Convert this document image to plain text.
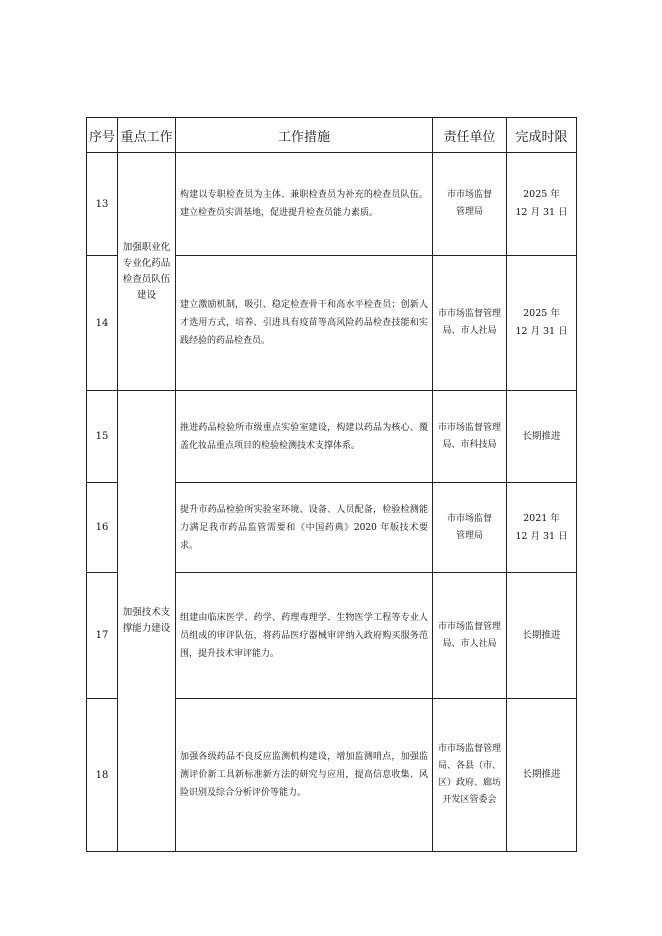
序号	重点工作	工作措施	责任单位	完成时限
13	加强职业化专业化药品检查员队伍建设	构建以专职检查员为主体、兼职检查员为补充的检查员队伍。建立检查员实训基地，促进提升检查员能力素质。	市市场监督
管理局	2025 年
12 月 31 日

14		建立激励机制，吸引、稳定检查骨干和高水平检查员；创新人才选用方式，培养、引进具有疫苗等高风险药品检查技能和实践经验的药品检查员。	市市场监督管理
局、市人社局	2025 年
12 月 31 日

15	加强技术支撑能力建设	推进药品检验所市级重点实验室建设，构建以药品为核心、覆盖化妆品重点项目的检验检测技术支撑体系。	市市场监督管理
局、市科技局	长期推进

16		提升市药品检验所实验室环境、设备、人员配备，检验检测能力满足我市药品监管需要和《中国药典》2020 年版技术要求。	市市场监督
管理局	2021 年
12 月 31 日

17		组建由临床医学、药学、药理毒理学、生物医学工程等专业人员组成的审评队伍，将药品医疗器械审评纳入政府购买服务范围，提升技术审评能力。	市市场监督管理
局、市人社局	长期推进

18		加强各级药品不良反应监测机构建设，增加监测哨点，加强监测评价新工具新标准新方法的研究与应用，提高信息收集、风险识别及综合分析评价等能力。	市市场监督管理
局、各县（市、
区）政府、廊坊
开发区管委会	长期推进
